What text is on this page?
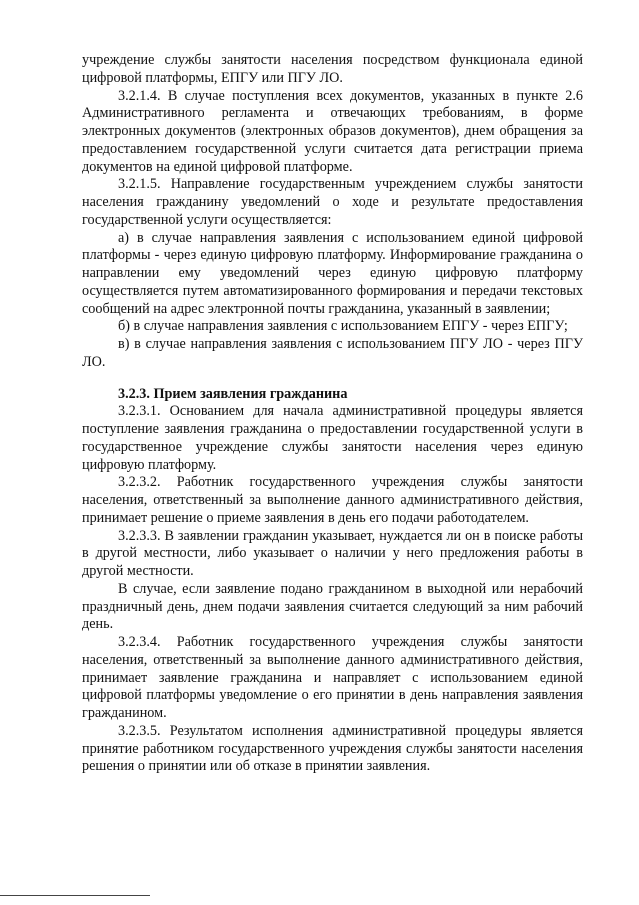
учреждение службы занятости населения посредством функционала единой цифровой платформы, ЕПГУ или ПГУ ЛО.

3.2.1.4. В случае поступления всех документов, указанных в пункте 2.6 Административного регламента и отвечающих требованиям, в форме электронных документов (электронных образов документов), днем обращения за предоставлением государственной услуги считается дата регистрации приема документов на единой цифровой платформе.

3.2.1.5. Направление государственным учреждением службы занятости населения гражданину уведомлений о ходе и результате предоставления государственной услуги осуществляется:

а) в случае направления заявления с использованием единой цифровой платформы - через единую цифровую платформу. Информирование гражданина о направлении ему уведомлений через единую цифровую платформу осуществляется путем автоматизированного формирования и передачи текстовых сообщений на адрес электронной почты гражданина, указанный в заявлении;

б) в случае направления заявления с использованием ЕПГУ - через ЕПГУ;

в) в случае направления заявления с использованием ПГУ ЛО - через ПГУ ЛО.

3.2.3. Прием заявления гражданина

3.2.3.1. Основанием для начала административной процедуры является поступление заявления гражданина о предоставлении государственной услуги в государственное учреждение службы занятости населения через единую цифровую платформу.

3.2.3.2. Работник государственного учреждения службы занятости населения, ответственный за выполнение данного административного действия, принимает решение о приеме заявления в день его подачи работодателем.

3.2.3.3. В заявлении гражданин указывает, нуждается ли он в поиске работы в другой местности, либо указывает о наличии у него предложения работы в другой местности.

В случае, если заявление подано гражданином в выходной или нерабочий праздничный день, днем подачи заявления считается следующий за ним рабочий день.

3.2.3.4. Работник государственного учреждения службы занятости населения, ответственный за выполнение данного административного действия, принимает заявление гражданина и направляет с использованием единой цифровой платформы уведомление о его принятии в день направления заявления гражданином.

3.2.3.5. Результатом исполнения административной процедуры является принятие работником государственного учреждения службы занятости населения решения о принятии или об отказе в принятии заявления.
